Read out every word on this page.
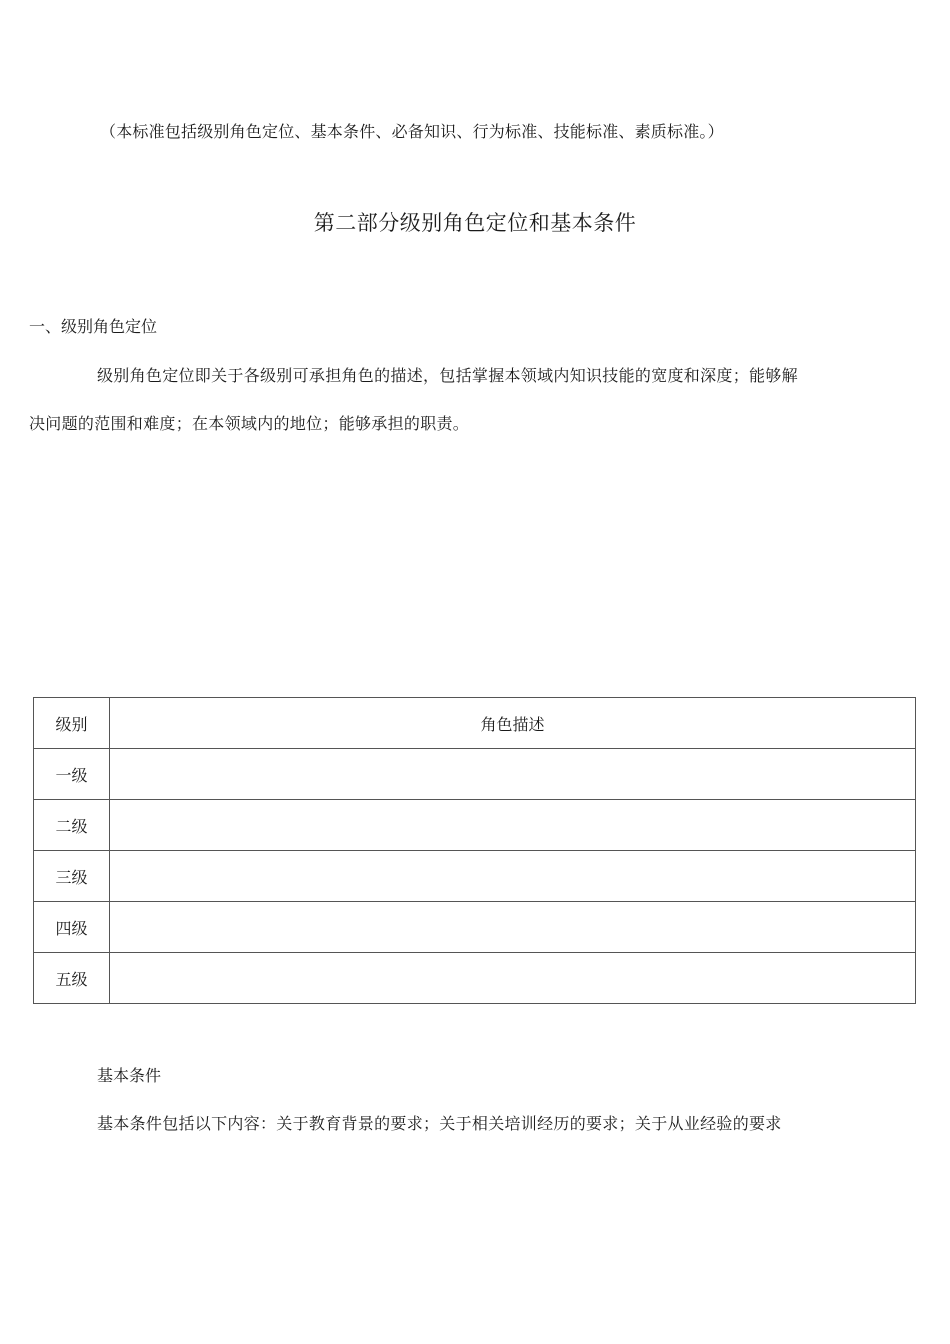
（本标准包括级别角色定位、基本条件、必备知识、行为标准、技能标准、素质标准。）
第二部分级别角色定位和基本条件
一、级别角色定位
级别角色定位即关于各级别可承担角色的描述，包括掌握本领域内知识技能的宽度和深度；能够解
决问题的范围和难度；在本领域内的地位；能够承担的职责。
级别	角色描述
一级	
二级	
三级	
四级	
五级	
基本条件
基本条件包括以下内容：关于教育背景的要求；关于相关培训经历的要求；关于从业经验的要求
